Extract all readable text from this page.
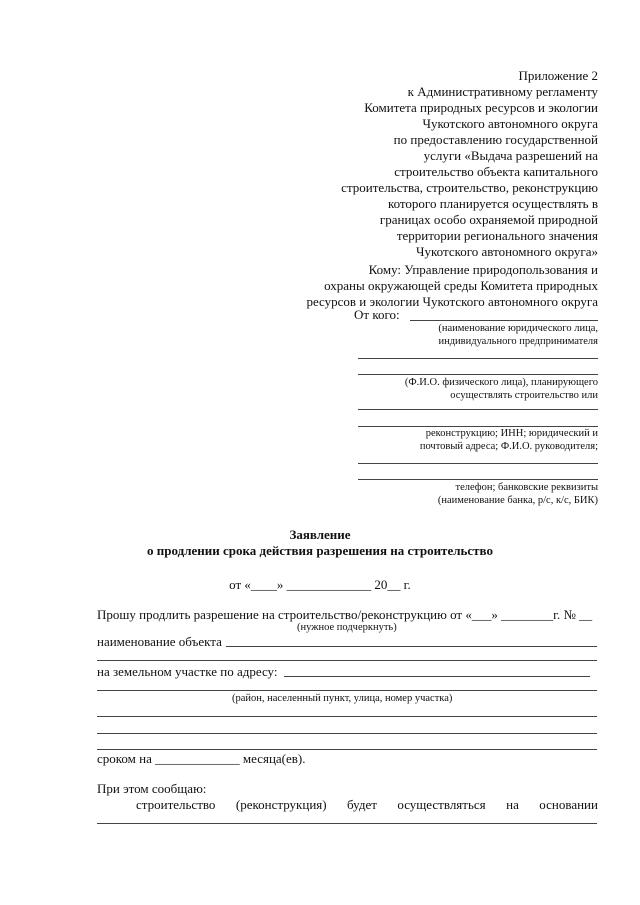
Приложение 2
к Административному регламенту
Комитета природных ресурсов и экологии
Чукотского автономного округа
по предоставлению государственной
услуги «Выдача разрешений на
строительство объекта капитального
строительства, строительство, реконструкцию
которого планируется осуществлять в
границах особо охраняемой природной
территории регионального значения
Чукотского автономного округа»
Кому: Управление природопользования и
охраны окружающей среды Комитета природных
ресурсов и экологии Чукотского автономного округа
От кого:
(наименование юридического лица,
индивидуального предпринимателя
(Ф.И.О. физического лица), планирующего
осуществлять строительство или
реконструкцию; ИНН; юридический и
почтовый адреса; Ф.И.О. руководителя;
телефон; банковские реквизиты
(наименование банка, р/с, к/с, БИК)
Заявление
о продлении срока действия разрешения на строительство
от «____» _____________ 20__ г.
Прошу продлить разрешение на строительство/реконструкцию от «___» ________г. № __
(нужное подчеркнуть)
наименование объекта
на земельном участке по адресу:
(район, населенный пункт, улица, номер участка)
сроком на _____________ месяца(ев).
При этом сообщаю:
строительство (реконструкция) будет осуществляться на основании
